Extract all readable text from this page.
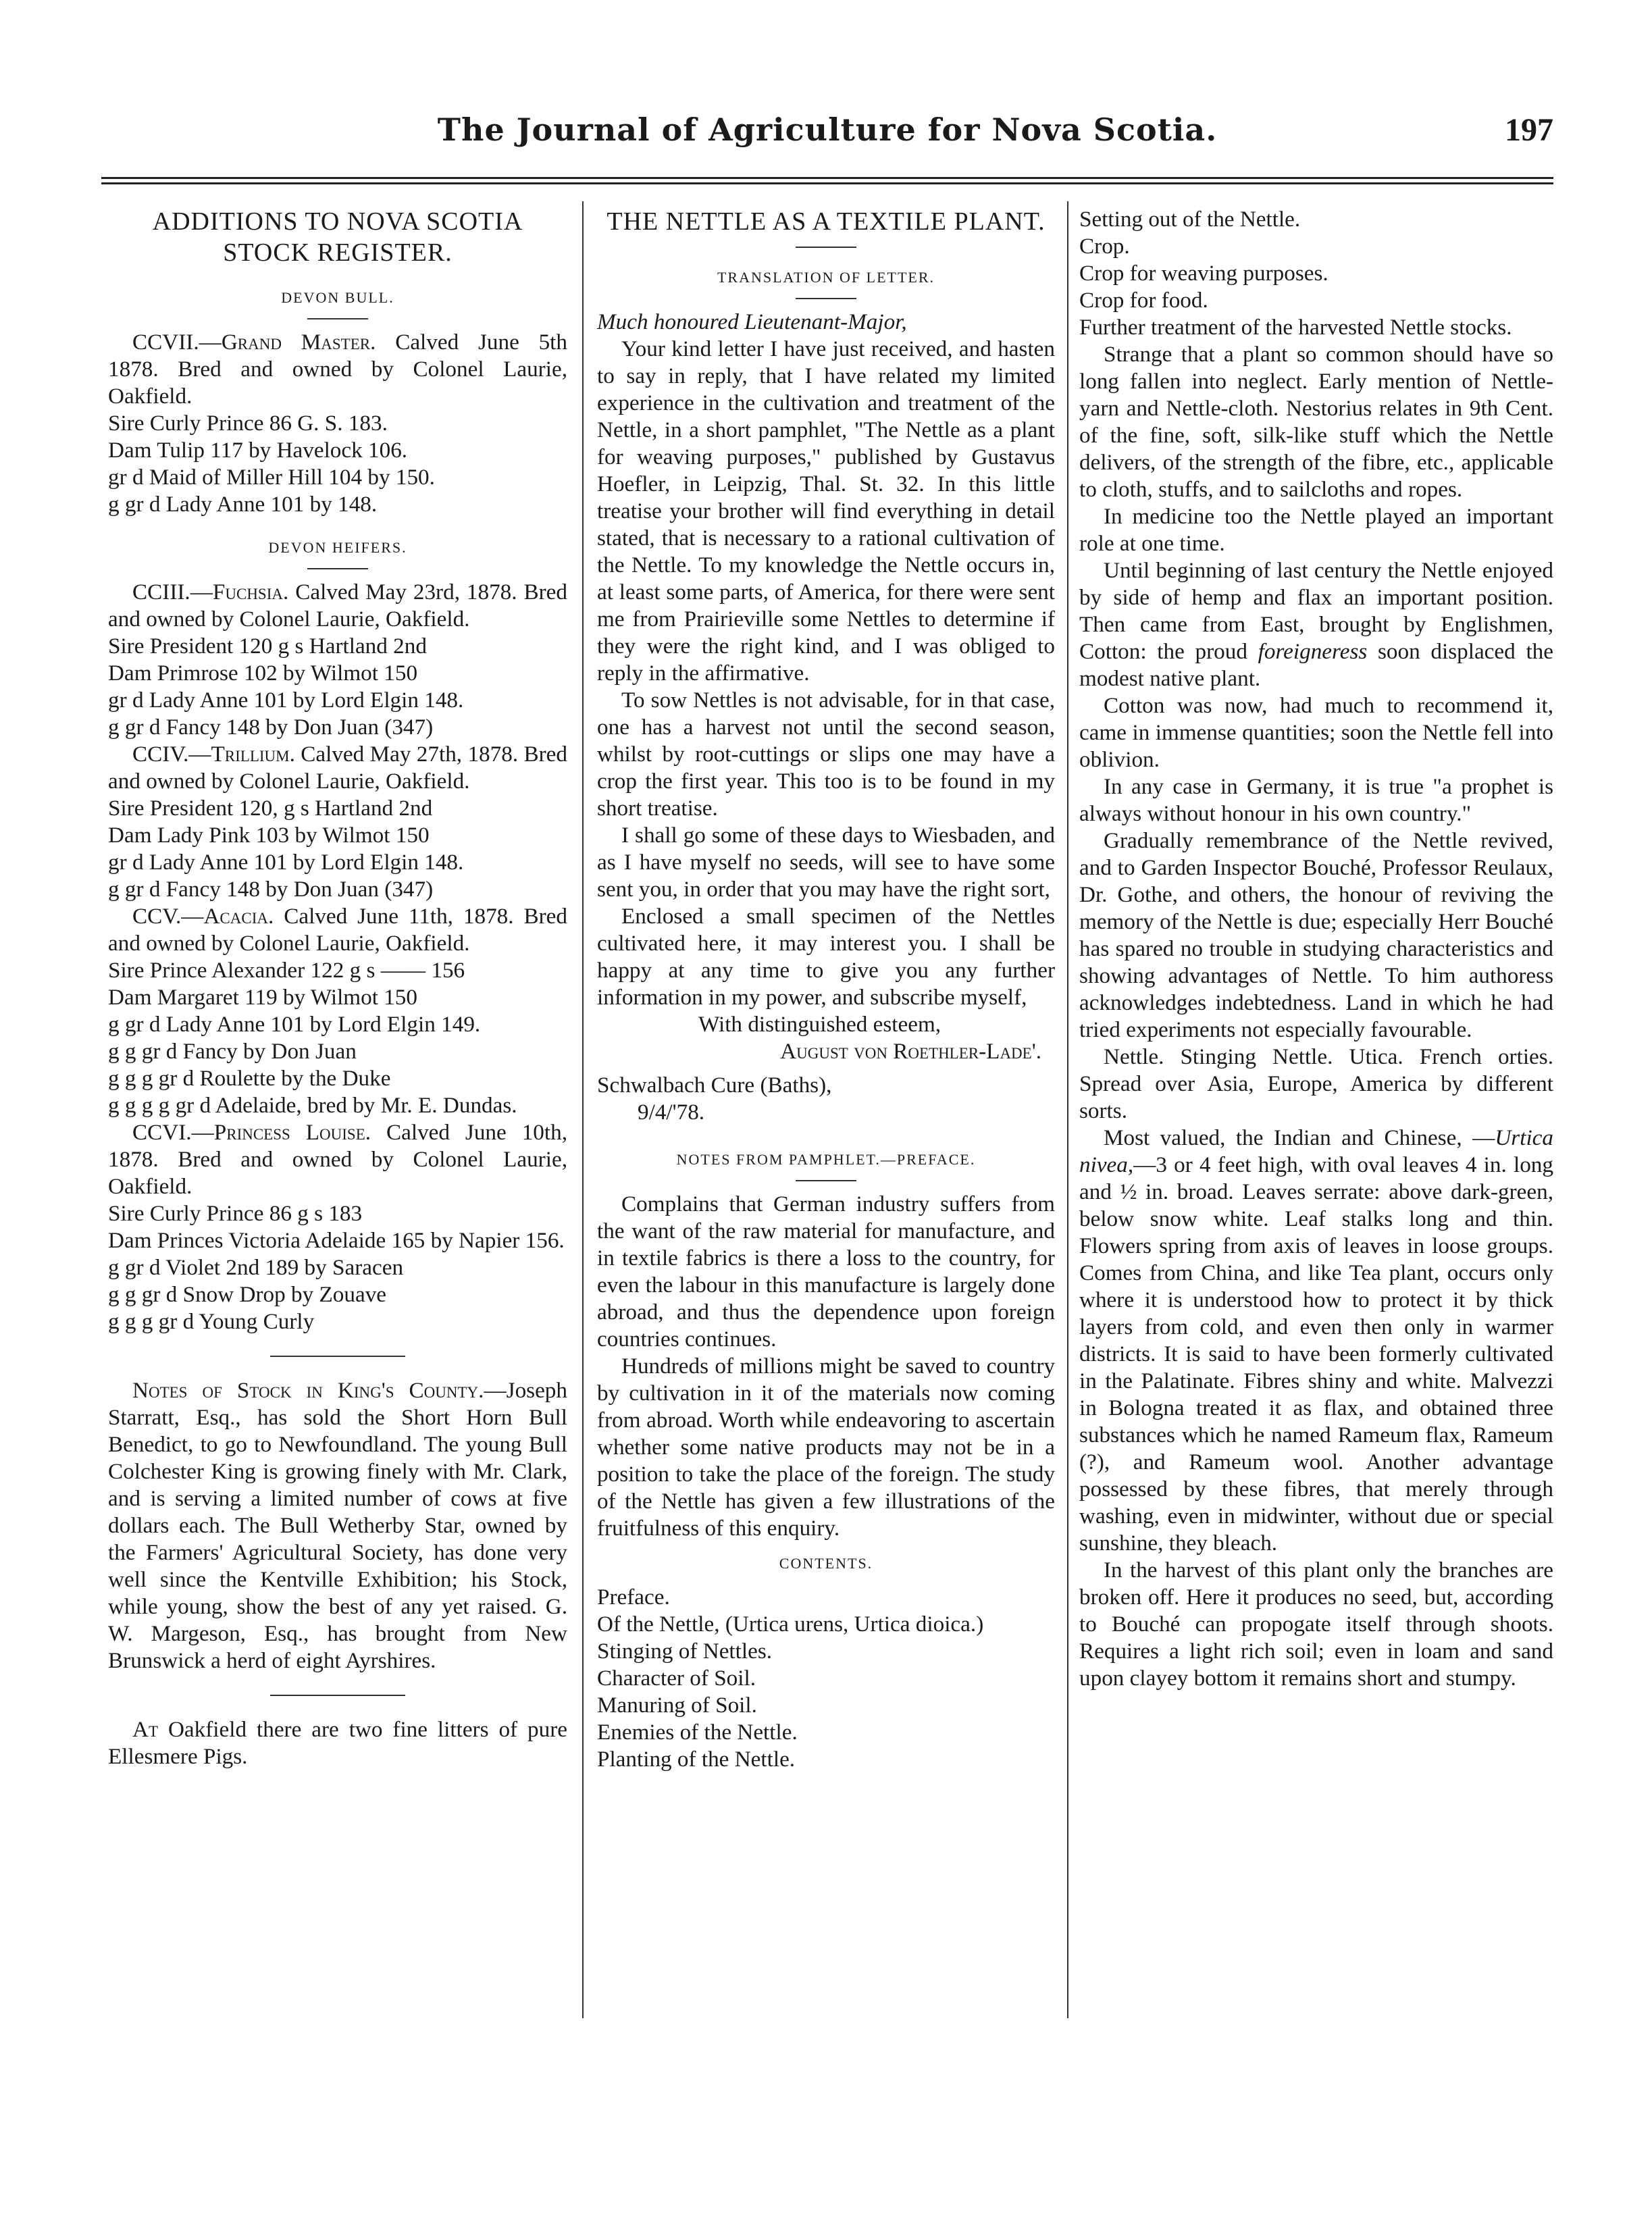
The Journal of Agriculture for Nova Scotia.	197
ADDITIONS TO NOVA SCOTIA STOCK REGISTER.
DEVON BULL.

CCVII.—Grand Master. Calved June 5th 1878. Bred and owned by Colonel Laurie, Oakfield.

Sire Curly Prince 86 G. S. 183.

Dam Tulip 117 by Havelock 106.

gr d Maid of Miller Hill 104 by 150.

g gr d Lady Anne 101 by 148.

DEVON HEIFERS.

CCIII.—Fuchsia. Calved May 23rd, 1878. Bred and owned by Colonel Laurie, Oakfield.

Sire President 120 g s Hartland 2nd

Dam Primrose 102 by Wilmot 150

gr d Lady Anne 101 by Lord Elgin 148.

g gr d Fancy 148 by Don Juan (347)

CCIV.—Trillium. Calved May 27th, 1878. Bred and owned by Colonel Laurie, Oakfield.

Sire President 120, g s Hartland 2nd

Dam Lady Pink 103 by Wilmot 150

gr d Lady Anne 101 by Lord Elgin 148.

g gr d Fancy 148 by Don Juan (347)

CCV.—Acacia. Calved June 11th, 1878. Bred and owned by Colonel Laurie, Oakfield.

Sire Prince Alexander 122 g s —— 156

Dam Margaret 119 by Wilmot 150

g gr d Lady Anne 101 by Lord Elgin 149.

g g gr d Fancy by Don Juan

g g g gr d Roulette by the Duke

g g g g gr d Adelaide, bred by Mr. E. Dundas.

CCVI.—Princess Louise. Calved June 10th, 1878. Bred and owned by Colonel Laurie, Oakfield.

Sire Curly Prince 86 g s 183

Dam Princes Victoria Adelaide 165 by Napier 156.

g gr d Violet 2nd 189 by Saracen

g g gr d Snow Drop by Zouave

g g g gr d Young Curly

Notes of Stock in King's County.—Joseph Starratt, Esq., has sold the Short Horn Bull Benedict, to go to Newfoundland. The young Bull Colchester King is growing finely with Mr. Clark, and is serving a limited number of cows at five dollars each. The Bull Wetherby Star, owned by the Farmers' Agricultural Society, has done very well since the Kentville Exhibition; his Stock, while young, show the best of any yet raised. G. W. Margeson, Esq., has brought from New Brunswick a herd of eight Ayrshires.

At Oakfield there are two fine litters of pure Ellesmere Pigs.

THE NETTLE AS A TEXTILE PLANT.
TRANSLATION OF LETTER.

Much honoured Lieutenant-Major,

Your kind letter I have just received, and hasten to say in reply, that I have related my limited experience in the cultivation and treatment of the Nettle, in a short pamphlet, "The Nettle as a plant for weaving purposes," published by Gustavus Hoefler, in Leipzig, Thal. St. 32. In this little treatise your brother will find everything in detail stated, that is necessary to a rational cultivation of the Nettle. To my knowledge the Nettle occurs in, at least some parts, of America, for there were sent me from Prairieville some Nettles to determine if they were the right kind, and I was obliged to reply in the affirmative.

To sow Nettles is not advisable, for in that case, one has a harvest not until the second season, whilst by root-cuttings or slips one may have a crop the first year. This too is to be found in my short treatise.

I shall go some of these days to Wiesbaden, and as I have myself no seeds, will see to have some sent you, in order that you may have the right sort,

Enclosed a small specimen of the Nettles cultivated here, it may interest you. I shall be happy at any time to give you any further information in my power, and subscribe myself,

With distinguished esteem,

August von Roethler-Lade'.

Schwalbach Cure (Baths),

9/4/'78.

NOTES FROM PAMPHLET.—PREFACE.

Complains that German industry suffers from the want of the raw material for manufacture, and in textile fabrics is there a loss to the country, for even the labour in this manufacture is largely done abroad, and thus the dependence upon foreign countries continues.

Hundreds of millions might be saved to country by cultivation in it of the materials now coming from abroad. Worth while endeavoring to ascertain whether some native products may not be in a position to take the place of the foreign. The study of the Nettle has given a few illustrations of the fruitfulness of this enquiry.

CONTENTS.

Preface.

Of the Nettle, (Urtica urens, Urtica dioica.)

Stinging of Nettles.

Character of Soil.

Manuring of Soil.

Enemies of the Nettle.

Planting of the Nettle.

Setting out of the Nettle.

Crop.

Crop for weaving purposes.

Crop for food.

Further treatment of the harvested Nettle stocks.

Strange that a plant so common should have so long fallen into neglect. Early mention of Nettle-yarn and Nettle-cloth. Nestorius relates in 9th Cent. of the fine, soft, silk-like stuff which the Nettle delivers, of the strength of the fibre, etc., applicable to cloth, stuffs, and to sailcloths and ropes.

In medicine too the Nettle played an important role at one time.

Until beginning of last century the Nettle enjoyed by side of hemp and flax an important position. Then came from East, brought by Englishmen, Cotton: the proud foreigneress soon displaced the modest native plant.

Cotton was now, had much to recommend it, came in immense quantities; soon the Nettle fell into oblivion.

In any case in Germany, it is true "a prophet is always without honour in his own country."

Gradually remembrance of the Nettle revived, and to Garden Inspector Bouché, Professor Reulaux, Dr. Gothe, and others, the honour of reviving the memory of the Nettle is due; especially Herr Bouché has spared no trouble in studying characteristics and showing advantages of Nettle. To him authoress acknowledges indebtedness. Land in which he had tried experiments not especially favourable.

Nettle. Stinging Nettle. Utica. French orties. Spread over Asia, Europe, America by different sorts.

Most valued, the Indian and Chinese, —Urtica nivea,—3 or 4 feet high, with oval leaves 4 in. long and ½ in. broad. Leaves serrate: above dark-green, below snow white. Leaf stalks long and thin. Flowers spring from axis of leaves in loose groups. Comes from China, and like Tea plant, occurs only where it is understood how to protect it by thick layers from cold, and even then only in warmer districts. It is said to have been formerly cultivated in the Palatinate. Fibres shiny and white. Malvezzi in Bologna treated it as flax, and obtained three substances which he named Rameum flax, Rameum (?), and Rameum wool. Another advantage possessed by these fibres, that merely through washing, even in midwinter, without due or special sunshine, they bleach.

In the harvest of this plant only the branches are broken off. Here it produces no seed, but, according to Bouché can propogate itself through shoots. Requires a light rich soil; even in loam and sand upon clayey bottom it remains short and stumpy.
